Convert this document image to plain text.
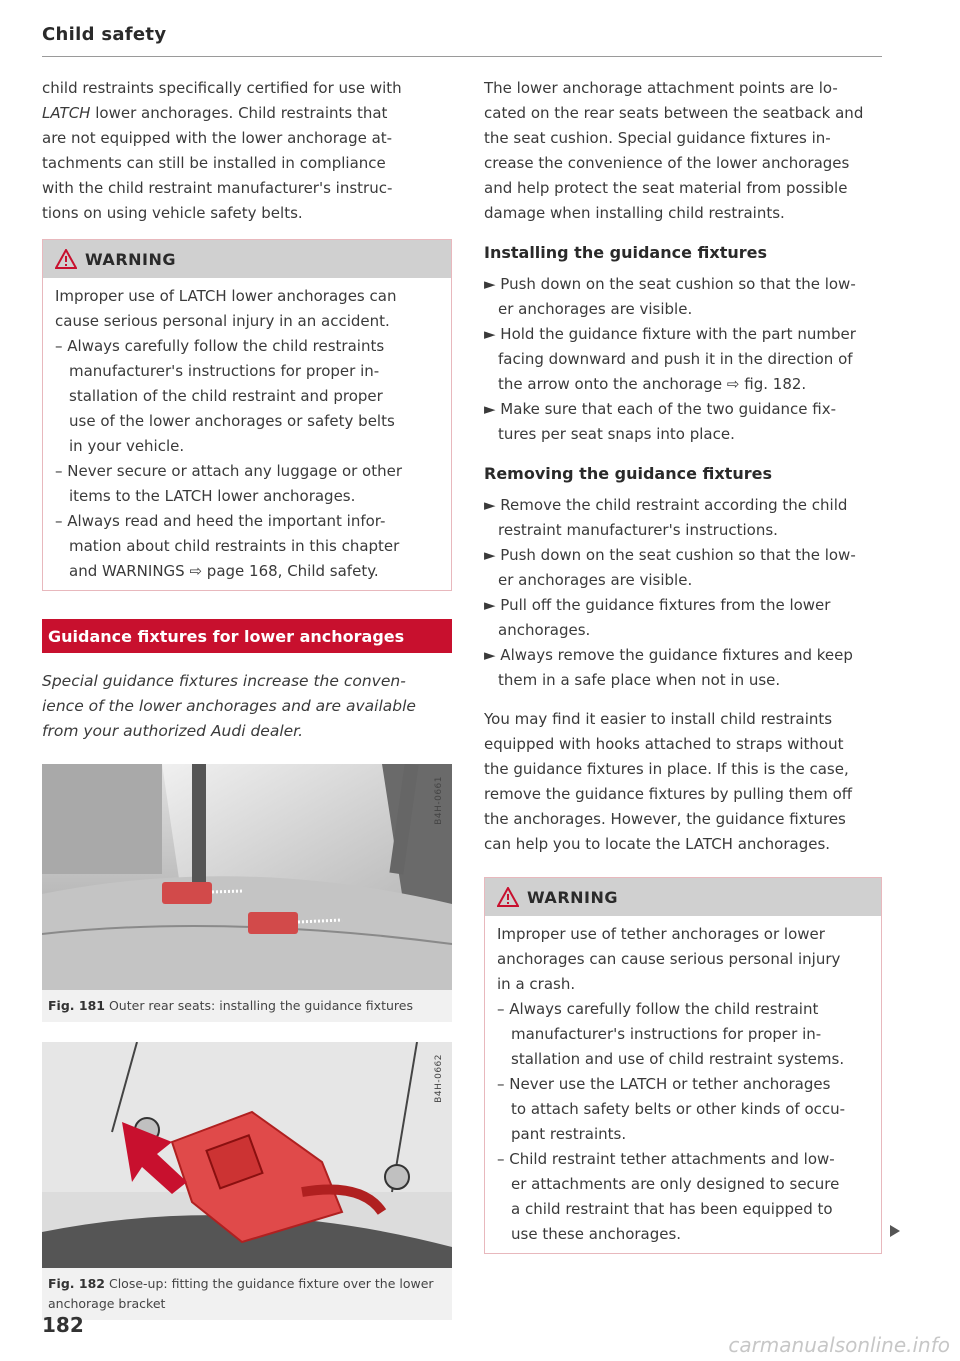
Child safety

child restraints specifically certified for use with
LATCH lower anchorages. Child restraints that
are not equipped with the lower anchorage at-
tachments can still be installed in compliance
with the child restraint manufacturer's instruc-
tions on using vehicle safety belts.

WARNING

Improper use of LATCH lower anchorages can
cause serious personal injury in an accident.

– Always carefully follow the child restraints
manufacturer's instructions for proper in-
stallation of the child restraint and proper
use of the lower anchorages or safety belts
in your vehicle.
– Never secure or attach any luggage or other
items to the LATCH lower anchorages.
– Always read and heed the important infor-
mation about child restraints in this chapter
and WARNINGS ⇨ page 168, Child safety.
Guidance fixtures for lower anchorages

Special guidance fixtures increase the conven-
ience of the lower anchorages and are available
from your authorized Audi dealer.

B4H-0661
Fig. 181 Outer rear seats: installing the guidance fixtures
B4H-0662
Fig. 182 Close-up: fitting the guidance fixture over the lower anchorage bracket

The lower anchorage attachment points are lo-
cated on the rear seats between the seatback and
the seat cushion. Special guidance fixtures in-
crease the convenience of the lower anchorages
and help protect the seat material from possible
damage when installing child restraints.

Installing the guidance fixtures
► Push down on the seat cushion so that the low-
er anchorages are visible.
► Hold the guidance fixture with the part number
facing downward and push it in the direction of
the arrow onto the anchorage ⇨ fig. 182.
► Make sure that each of the two guidance fix-
tures per seat snaps into place.
Removing the guidance fixtures
► Remove the child restraint according the child
restraint manufacturer's instructions.
► Push down on the seat cushion so that the low-
er anchorages are visible.
► Pull off the guidance fixtures from the lower
anchorages.
► Always remove the guidance fixtures and keep
them in a safe place when not in use.

You may find it easier to install child restraints
equipped with hooks attached to straps without
the guidance fixtures in place. If this is the case,
remove the guidance fixtures by pulling them off
the anchorages. However, the guidance fixtures
can help you to locate the LATCH anchorages.

WARNING

Improper use of tether anchorages or lower
anchorages can cause serious personal injury
in a crash.

– Always carefully follow the child restraint
manufacturer's instructions for proper in-
stallation and use of child restraint systems.
– Never use the LATCH or tether anchorages
to attach safety belts or other kinds of occu-
pant restraints.
– Child restraint tether attachments and low-
er attachments are only designed to secure
a child restraint that has been equipped to
use these anchorages.
182
carmanualsonline.info
